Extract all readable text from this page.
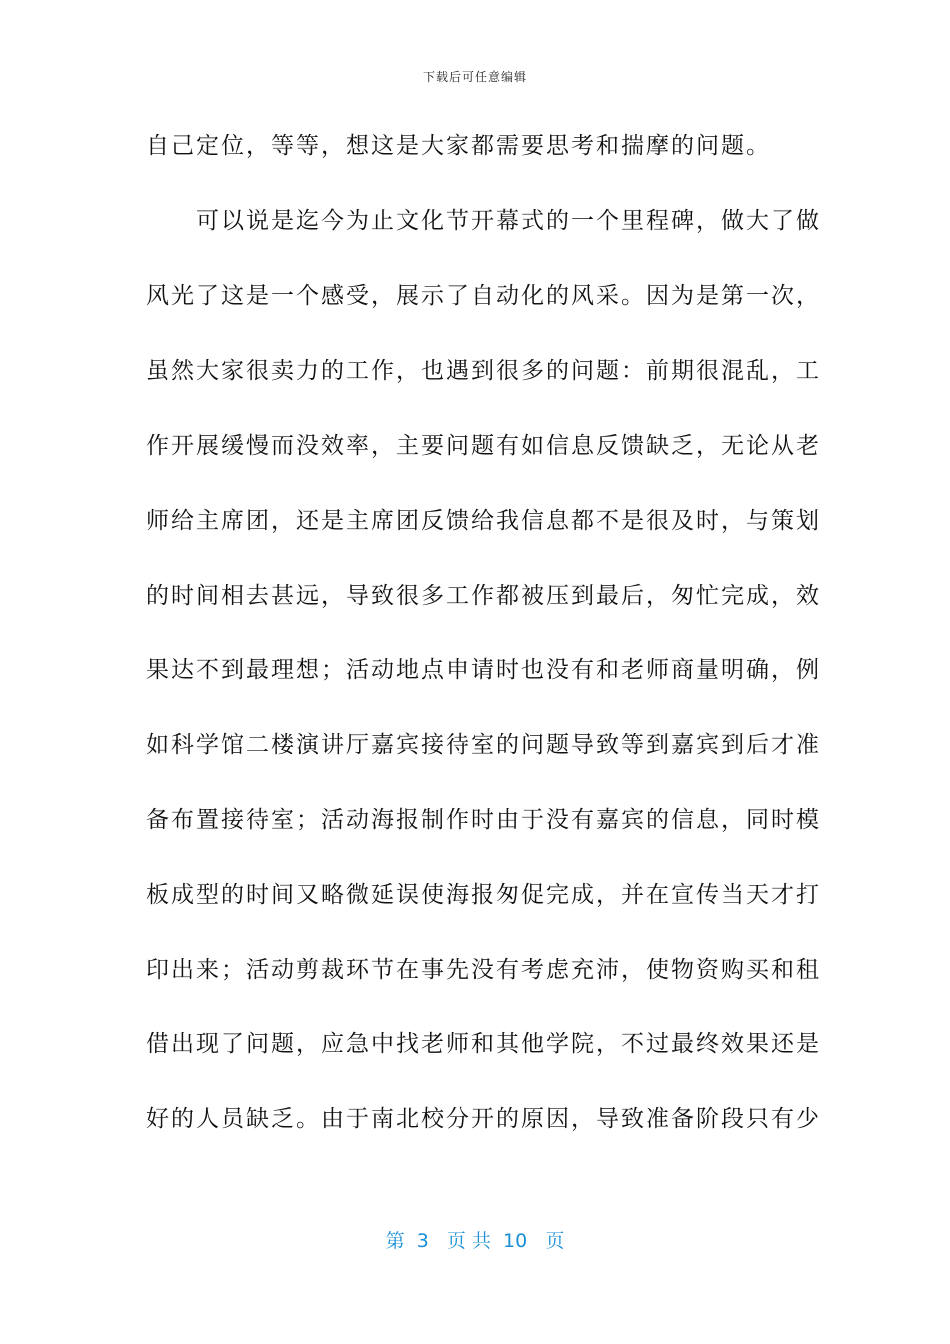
下载后可任意编辑
自己定位，等等，想这是大家都需要思考和揣摩的问题。
　　可以说是迄今为止文化节开幕式的一个里程碑，做大了做
风光了这是一个感受，展示了自动化的风采。因为是第一次，
虽然大家很卖力的工作，也遇到很多的问题：前期很混乱，工
作开展缓慢而没效率，主要问题有如信息反馈缺乏，无论从老
师给主席团，还是主席团反馈给我信息都不是很及时，与策划
的时间相去甚远，导致很多工作都被压到最后，匆忙完成，效
果达不到最理想；活动地点申请时也没有和老师商量明确，例
如科学馆二楼演讲厅嘉宾接待室的问题导致等到嘉宾到后才准
备布置接待室；活动海报制作时由于没有嘉宾的信息，同时模
板成型的时间又略微延误使海报匆促完成，并在宣传当天才打
印出来；活动剪裁环节在事先没有考虑充沛，使物资购买和租
借出现了问题，应急中找老师和其他学院，不过最终效果还是
好的人员缺乏。由于南北校分开的原因，导致准备阶段只有少
第  3   页 共  10   页
